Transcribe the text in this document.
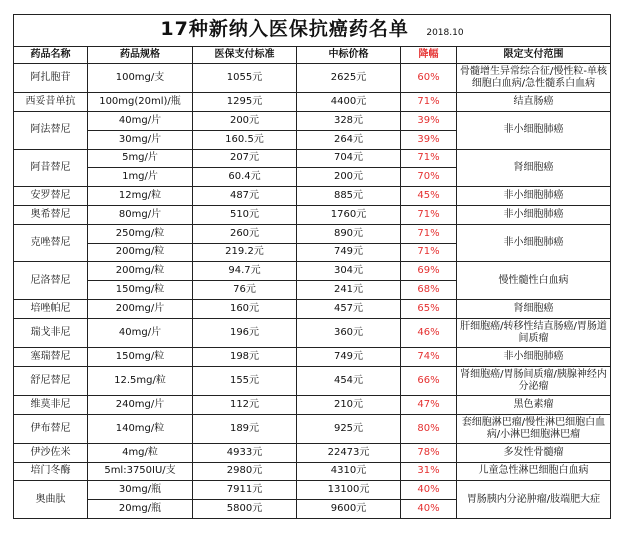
17种新纳入医保抗癌药名单 2018.10					
药品名称	药品规格	医保支付标准	中标价格	降幅	限定支付范围
阿扎胞苷	100mg/支	1055元	2625元	60%	骨髓增生异常综合征/慢性粒-单核细胞白血病/急性髓系白血病
西妥昔单抗	100mg(20ml)/瓶	1295元	4400元	71%	结直肠癌
阿法替尼	40mg/片	200元	328元	39%	非小细胞肺癌
	30mg/片	160.5元	264元	39%	
阿昔替尼	5mg/片	207元	704元	71%	肾细胞癌
	1mg/片	60.4元	200元	70%	
安罗替尼	12mg/粒	487元	885元	45%	非小细胞肺癌
奥希替尼	80mg/片	510元	1760元	71%	非小细胞肺癌
克唑替尼	250mg/粒	260元	890元	71%	非小细胞肺癌
	200mg/粒	219.2元	749元	71%	
尼洛替尼	200mg/粒	94.7元	304元	69%	慢性髓性白血病
	150mg/粒	76元	241元	68%	
培唑帕尼	200mg/片	160元	457元	65%	肾细胞癌
瑞戈非尼	40mg/片	196元	360元	46%	肝细胞癌/转移性结直肠癌/胃肠道间质瘤
塞瑞替尼	150mg/粒	198元	749元	74%	非小细胞肺癌
舒尼替尼	12.5mg/粒	155元	454元	66%	肾细胞癌/胃肠间质瘤/胰腺神经内分泌瘤
维莫非尼	240mg/片	112元	210元	47%	黑色素瘤
伊布替尼	140mg/粒	189元	925元	80%	套细胞淋巴瘤/慢性淋巴细胞白血病/小淋巴细胞淋巴瘤
伊沙佐米	4mg/粒	4933元	22473元	78%	多发性骨髓瘤
培门冬酶	5ml:3750IU/支	2980元	4310元	31%	儿童急性淋巴细胞白血病
奥曲肽	30mg/瓶	7911元	13100元	40%	胃肠胰内分泌肿瘤/肢端肥大症
	20mg/瓶	5800元	9600元	40%	
